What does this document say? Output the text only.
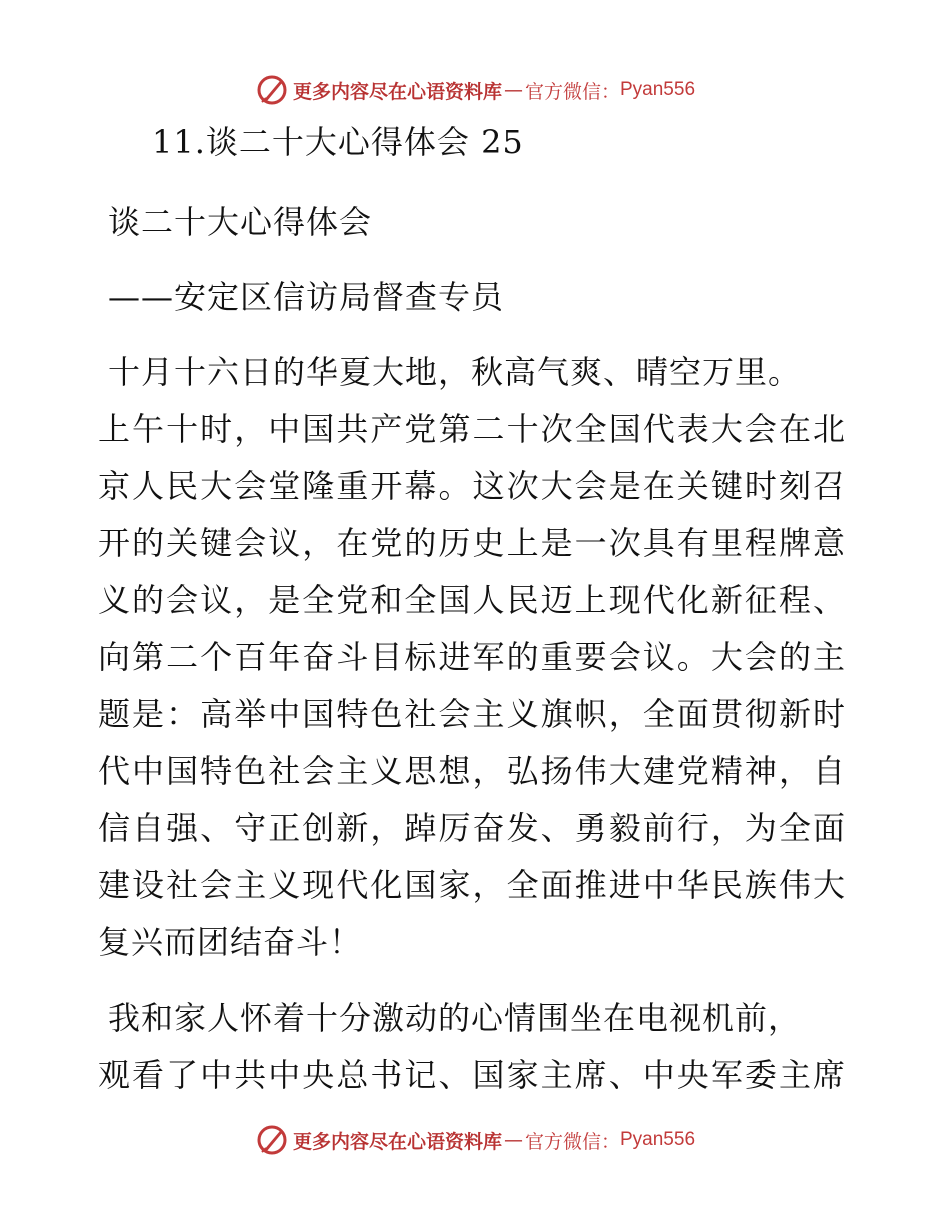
更多内容尽在心语资料库 — 官方微信： Pyan556
11.谈二十大心得体会 25
谈二十大心得体会
——安定区信访局督查专员
十月十六日的华夏大地，秋高气爽、晴空万里。
上午十时，中国共产党第二十次全国代表大会在北
京人民大会堂隆重开幕。这次大会是在关键时刻召
开的关键会议，在党的历史上是一次具有里程牌意
义的会议，是全党和全国人民迈上现代化新征程、
向第二个百年奋斗目标进军的重要会议。大会的主
题是：高举中国特色社会主义旗帜，全面贯彻新时
代中国特色社会主义思想，弘扬伟大建党精神，自
信自强、守正创新，踔厉奋发、勇毅前行，为全面
建设社会主义现代化国家，全面推进中华民族伟大
复兴而团结奋斗！
我和家人怀着十分激动的心情围坐在电视机前，
观看了中共中央总书记、国家主席、中央军委主席
更多内容尽在心语资料库 — 官方微信： Pyan556
